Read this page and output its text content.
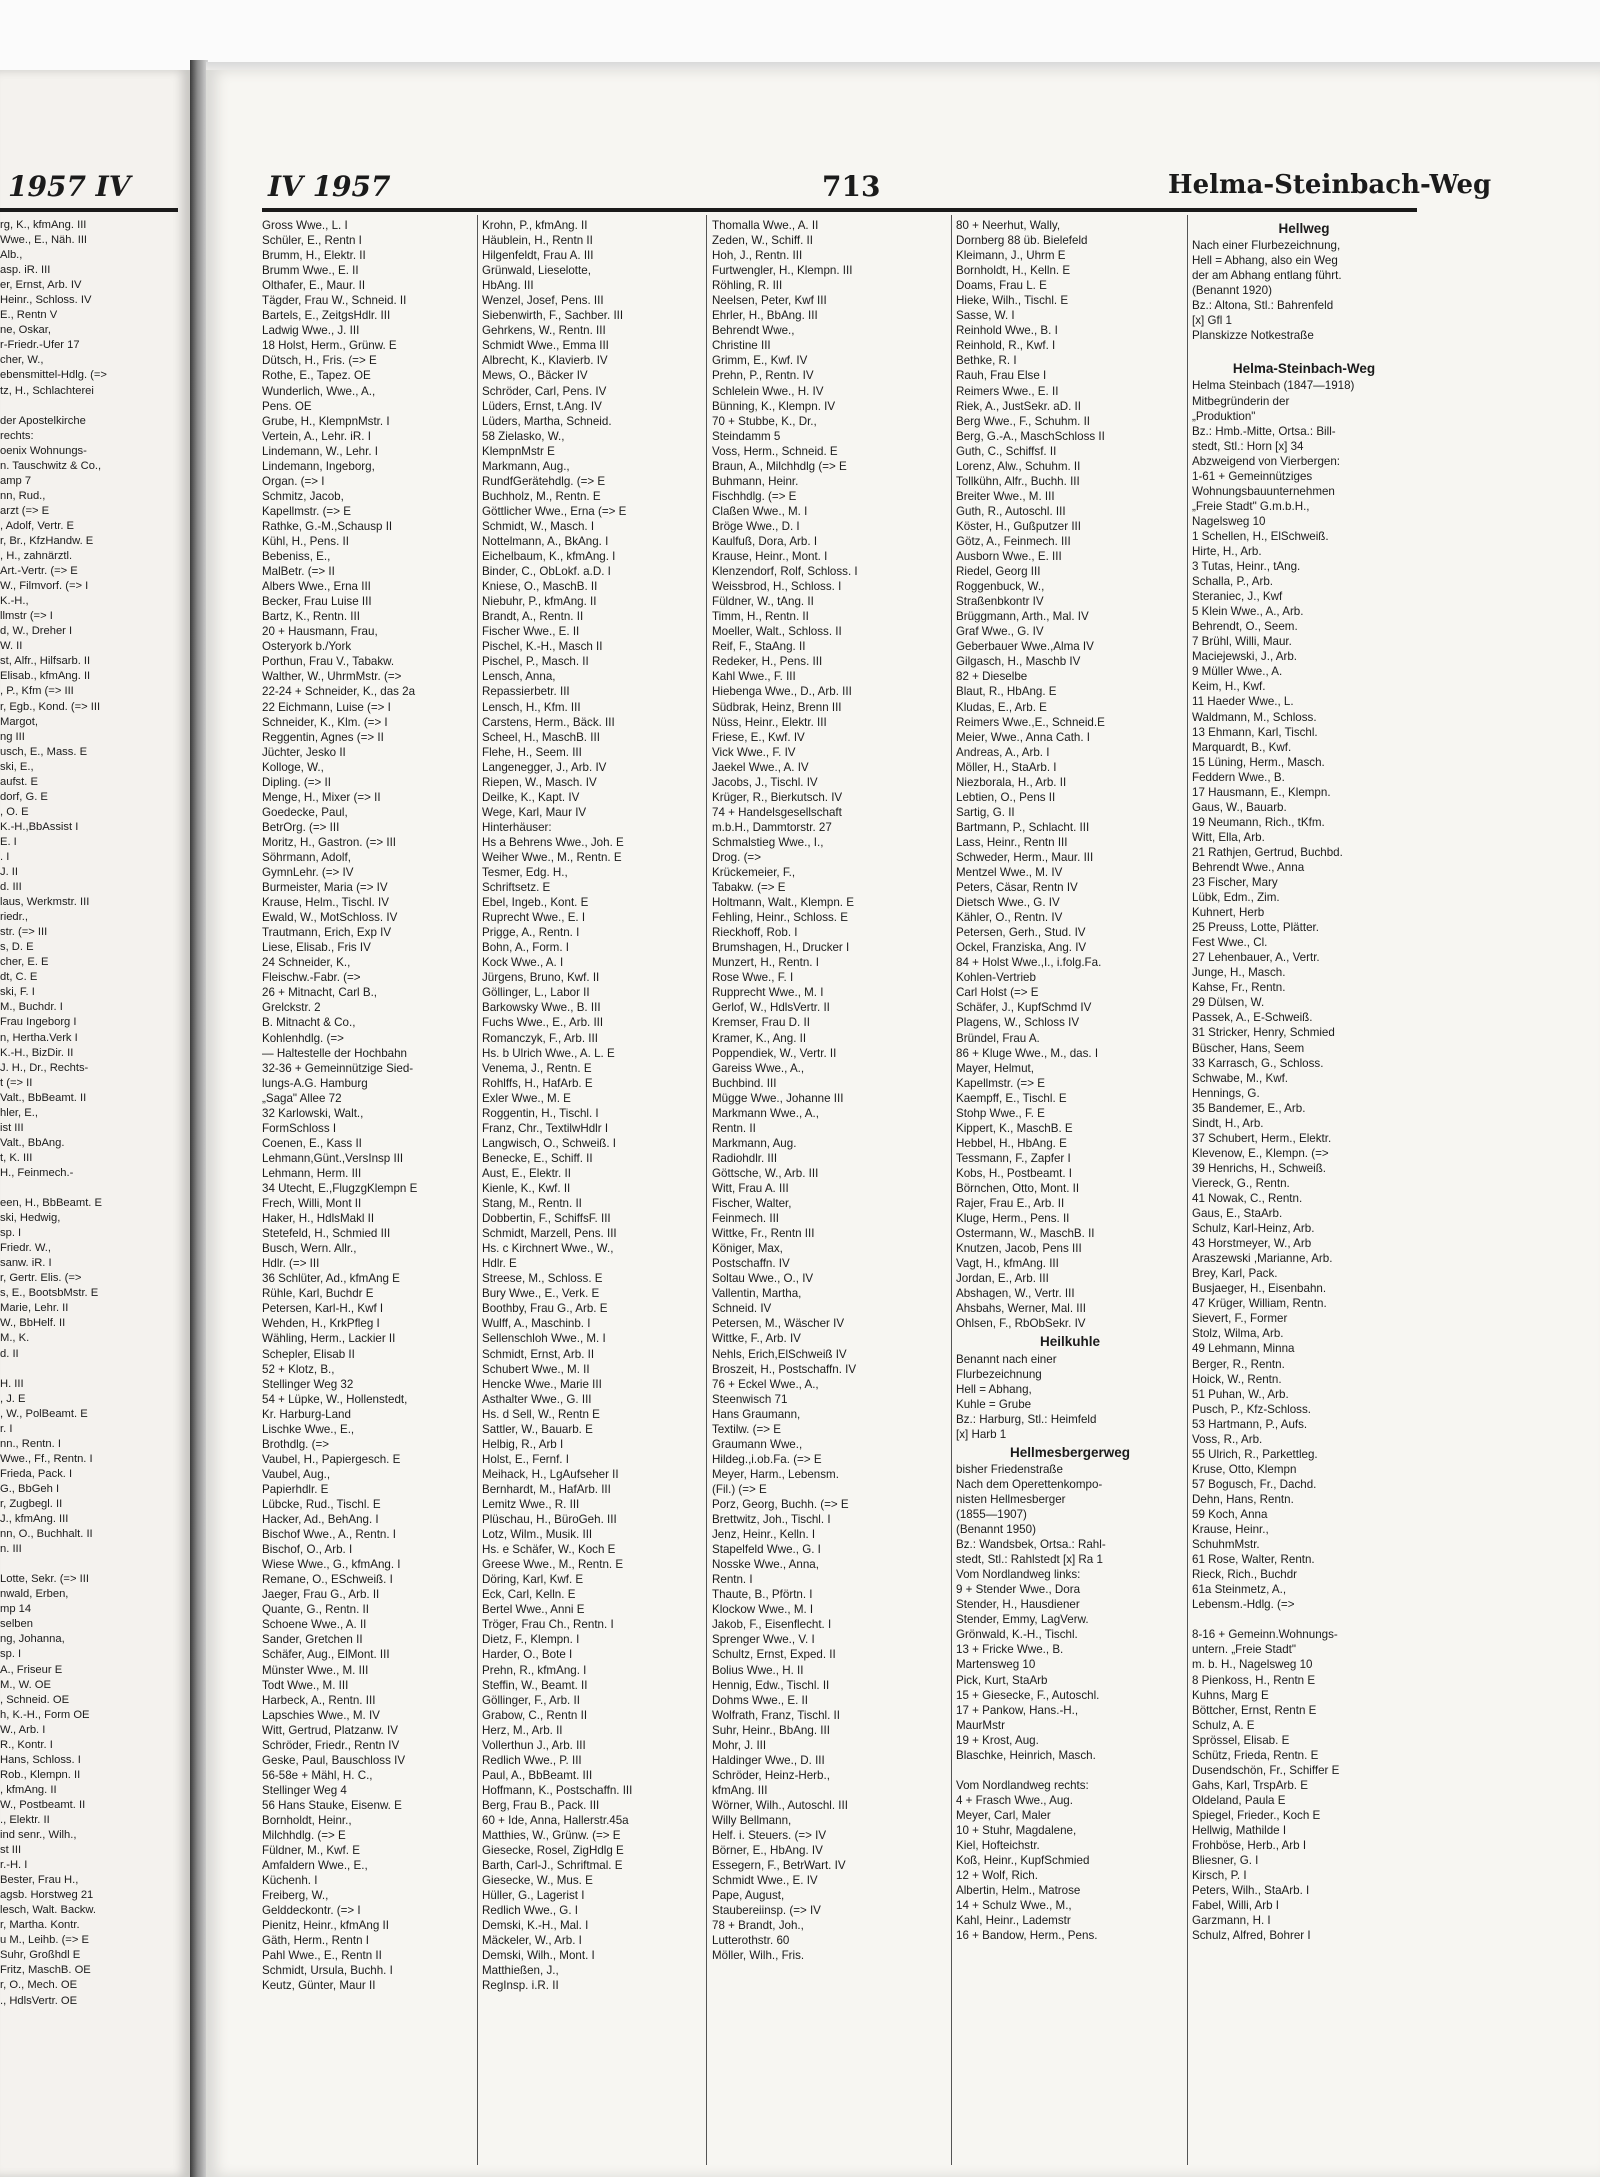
1957 IV	IV 1957	713	Helma-Steinbach-Weg
rg, K., kfmAng. III
Wwe., E., Näh. III
Alb.,
asp. iR. III
er, Ernst, Arb. IV
Heinr., Schloss. IV
E., Rentn V
ne, Oskar,
r-Friedr.-Ufer 17
cher, W.,
ebensmittel-Hdlg. (=>
tz, H., Schlachterei

der Apostelkirche
rechts:
oenix Wohnungs-
n. Tauschwitz & Co.,
amp 7
nn, Rud.,
arzt (=> E
, Adolf, Vertr. E
r, Br., KfzHandw. E
, H., zahnärztl.
Art.-Vertr. (=> E
W., Filmvorf. (=> I
K.-H.,
llmstr (=> I
d, W., Dreher I
W. II
st, Alfr., Hilfsarb. II
Elisab., kfmAng. II
, P., Kfm (=> III
r, Egb., Kond. (=> III
Margot,
ng III
usch, E., Mass. E
ski, E.,
aufst. E
dorf, G. E
, O. E
K.-H.,BbAssist I
E. I
. I
J. II
d. III
laus, Werkmstr. III
riedr.,
str. (=> III
s, D. E
cher, E. E
dt, C. E
ski, F. I
M., Buchdr. I
Frau Ingeborg I
n, Hertha.Verk I
K.-H., BizDir. II
J. H., Dr., Rechts-
t (=> II
Valt., BbBeamt. II
hler, E.,
ist III
Valt., BbAng.
t, K. III
H., Feinmech.-

een, H., BbBeamt. E
ski, Hedwig,
sp. I
Friedr. W.,
sanw. iR. I
r, Gertr. Elis. (=>
s, E., BootsbMstr. E
Marie, Lehr. II
W., BbHelf. II
M., K.
d. II

H. III
, J. E
, W., PolBeamt. E
r. I
nn., Rentn. I
Wwe., Ff., Rentn. I
Frieda, Pack. I
G., BbGeh I
r, Zugbegl. II
J., kfmAng. III
nn, O., Buchhalt. II
n. III

Lotte, Sekr. (=> III
nwald, Erben,
mp 14
selben
ng, Johanna,
sp. I
A., Friseur E
M., W. OE
, Schneid. OE
h, K.-H., Form OE
W., Arb. I
R., Kontr. I
Hans, Schloss. I
Rob., Klempn. II
, kfmAng. II
W., Postbeamt. II
., Elektr. II
ind senr., Wilh.,
st III
r.-H. I
Bester, Frau H.,
agsb. Horstweg 21
lesch, Walt. Backw.
r, Martha. Kontr.
u M., Leihb. (=> E
Suhr, Großhdl E
Fritz, MaschB. OE
r, O., Mech. OE
., HdlsVertr. OE
Gross Wwe., L. I
Schüler, E., Rentn I
Brumm, H., Elektr. II
Brumm Wwe., E. II
Olthafer, E., Maur. II
Tägder, Frau W., Schneid. II
Bartels, E., ZeitgsHdlr. III
Ladwig Wwe., J. III
18 Holst, Herm., Grünw. E
Dütsch, H., Fris. (=> E
Rothe, E., Tapez. OE
Wunderlich, Wwe., A.,
Pens. OE
Grube, H., KlempnMstr. I
Vertein, A., Lehr. iR. I
Lindemann, W., Lehr. I
Lindemann, Ingeborg,
Organ. (=> I
Schmitz, Jacob,
Kapellmstr. (=> E
Rathke, G.-M.,Schausp II
Kühl, H., Pens. II
Bebeniss, E.,
MalBetr. (=> II
Albers Wwe., Erna III
Becker, Frau Luise III
Bartz, K., Rentn. III
20 + Hausmann, Frau,
Osteryork b./York
Porthun, Frau V., Tabakw.
Walther, W., UhrmMstr. (=>
22-24 + Schneider, K., das 2a
22 Eichmann, Luise (=> I
Schneider, K., Klm. (=> I
Reggentin, Agnes (=> II
Jüchter, Jesko II
Kolloge, W.,
Dipling. (=> II
Menge, H., Mixer (=> II
Goedecke, Paul,
BetrOrg. (=> III
Moritz, H., Gastron. (=> III
Söhrmann, Adolf,
GymnLehr. (=> IV
Burmeister, Maria (=> IV
Krause, Helm., Tischl. IV
Ewald, W., MotSchloss. IV
Trautmann, Erich, Exp IV
Liese, Elisab., Fris IV
24 Schneider, K.,
Fleischw.-Fabr. (=>
26 + Mitnacht, Carl B.,
Grelckstr. 2
B. Mitnacht & Co.,
Kohlenhdlg. (=>
— Haltestelle der Hochbahn
32-36 + Gemeinnützige Sied-
lungs-A.G. Hamburg
„Saga" Allee 72
32 Karlowski, Walt.,
FormSchloss I
Coenen, E., Kass II
Lehmann,Günt.,VersInsp III
Lehmann, Herm. III
34 Utecht, E.,FlugzgKlempn E
Frech, Willi, Mont II
Haker, H., HdlsMakl II
Stetefeld, H., Schmied III
Busch, Wern. Allr.,
Hdlr. (=> III
36 Schlüter, Ad., kfmAng E
Rühle, Karl, Buchdr E
Petersen, Karl-H., Kwf I
Wehden, H., KrkPfleg I
Wähling, Herm., Lackier II
Schepler, Elisab II
52 + Klotz, B.,
Stellinger Weg 32
54 + Lüpke, W., Hollenstedt,
Kr. Harburg-Land
Lischke Wwe., E.,
Brothdlg. (=>
Vaubel, H., Papiergesch. E
Vaubel, Aug.,
Papierhdlr. E
Lübcke, Rud., Tischl. E
Hacker, Ad., BehAng. I
Bischof Wwe., A., Rentn. I
Bischof, O., Arb. I
Wiese Wwe., G., kfmAng. I
Remane, O., ESchweiß. I
Jaeger, Frau G., Arb. II
Quante, G., Rentn. II
Schoene Wwe., A. II
Sander, Gretchen II
Schäfer, Aug., ElMont. III
Münster Wwe., M. III
Todt Wwe., M. III
Harbeck, A., Rentn. III
Lapschies Wwe., M. IV
Witt, Gertrud, Platzanw. IV
Schröder, Friedr., Rentn IV
Geske, Paul, Bauschloss IV
56-58e + Mähl, H. C.,
Stellinger Weg 4
56 Hans Stauke, Eisenw. E
Bornholdt, Heinr.,
Milchhdlg. (=> E
Füldner, M., Kwf. E
Amfaldern Wwe., E.,
Küchenh. I
Freiberg, W.,
Gelddeckontr. (=> I
Pienitz, Heinr., kfmAng II
Gäth, Herm., Rentn I
Pahl Wwe., E., Rentn II
Schmidt, Ursula, Buchh. I
Keutz, Günter, Maur II
Krohn, P., kfmAng. II
Häublein, H., Rentn II
Hilgenfeldt, Frau A. III
Grünwald, Lieselotte,
HbAng. III
Wenzel, Josef, Pens. III
Siebenwirth, F., Sachber. III
Gehrkens, W., Rentn. III
Schmidt Wwe., Emma III
Albrecht, K., Klavierb. IV
Mews, O., Bäcker IV
Schröder, Carl, Pens. IV
Lüders, Ernst, t.Ang. IV
Lüders, Martha, Schneid.
58 Zielasko, W.,
KlempnMstr E
Markmann, Aug.,
RundfGerätehdlg. (=> E
Buchholz, M., Rentn. E
Göttlicher Wwe., Erna (=> E
Schmidt, W., Masch. I
Nottelmann, A., BkAng. I
Eichelbaum, K., kfmAng. I
Binder, C., ObLokf. a.D. I
Kniese, O., MaschB. II
Niebuhr, P., kfmAng. II
Brandt, A., Rentn. II
Fischer Wwe., E. II
Pischel, K.-H., Masch II
Pischel, P., Masch. II
Lensch, Anna,
Repassierbetr. III
Lensch, H., Kfm. III
Carstens, Herm., Bäck. III
Scheel, H., MaschB. III
Flehe, H., Seem. III
Langenegger, J., Arb. IV
Riepen, W., Masch. IV
Deilke, K., Kapt. IV
Wege, Karl, Maur IV
Hinterhäuser:
Hs a Behrens Wwe., Joh. E
Weiher Wwe., M., Rentn. E
Tesmer, Edg. H.,
Schriftsetz. E
Ebel, Ingeb., Kont. E
Ruprecht Wwe., E. I
Prigge, A., Rentn. I
Bohn, A., Form. I
Kock Wwe., A. I
Jürgens, Bruno, Kwf. II
Göllinger, L., Labor II
Barkowsky Wwe., B. III
Fuchs Wwe., E., Arb. III
Romanczyk, F., Arb. III
Hs. b Ulrich Wwe., A. L. E
Venema, J., Rentn. E
Rohlffs, H., HafArb. E
Exler Wwe., M. E
Roggentin, H., Tischl. I
Franz, Chr., TextilwHdlr I
Langwisch, O., Schweiß. I
Benecke, E., Schiff. II
Aust, E., Elektr. II
Kienle, K., Kwf. II
Stang, M., Rentn. II
Dobbertin, F., SchiffsF. III
Schmidt, Marzell, Pens. III
Hs. c Kirchnert Wwe., W.,
Hdlr. E
Streese, M., Schloss. E
Bury Wwe., E., Verk. E
Boothby, Frau G., Arb. E
Wulff, A., Maschinb. I
Sellenschloh Wwe., M. I
Schmidt, Ernst, Arb. II
Schubert Wwe., M. II
Hencke Wwe., Marie III
Asthalter Wwe., G. III
Hs. d Sell, W., Rentn E
Sattler, W., Bauarb. E
Helbig, R., Arb I
Holst, E., Fernf. I
Meihack, H., LgAufseher II
Bernhardt, M., HafArb. III
Lemitz Wwe., R. III
Plüschau, H., BüroGeh. III
Lotz, Wilm., Musik. III
Hs. e Schäfer, W., Koch E
Greese Wwe., M., Rentn. E
Döring, Karl, Kwf. E
Eck, Carl, Kelln. E
Bertel Wwe., Anni E
Tröger, Frau Ch., Rentn. I
Dietz, F., Klempn. I
Harder, O., Bote I
Prehn, R., kfmAng. I
Steffin, W., Beamt. II
Göllinger, F., Arb. II
Grabow, C., Rentn II
Herz, M., Arb. II
Vollerthun J., Arb. III
Redlich Wwe., P. III
Paul, A., BbBeamt. III
Hoffmann, K., Postschaffn. III
Berg, Frau B., Pack. III
60 + Ide, Anna, Hallerstr.45a
Matthies, W., Grünw. (=> E
Giesecke, Rosel, ZigHdlg E
Barth, Carl-J., Schriftmal. E
Giesecke, W., Mus. E
Hüller, G., Lagerist I
Redlich Wwe., G. I
Demski, K.-H., Mal. I
Mäckeler, W., Arb. I
Demski, Wilh., Mont. I
Matthießen, J.,
RegInsp. i.R. II
Thomalla Wwe., A. II
Zeden, W., Schiff. II
Hoh, J., Rentn. III
Furtwengler, H., Klempn. III
Röhling, R. III
Neelsen, Peter, Kwf III
Ehrler, H., BbAng. III
Behrendt Wwe.,
Christine III
Grimm, E., Kwf. IV
Prehn, P., Rentn. IV
Schlelein Wwe., H. IV
Bünning, K., Klempn. IV
70 + Stubbe, K., Dr.,
Steindamm 5
Voss, Herm., Schneid. E
Braun, A., Milchhdlg (=> E
Buhmann, Heinr.
Fischhdlg. (=> E
Claßen Wwe., M. I
Bröge Wwe., D. I
Kaulfuß, Dora, Arb. I
Krause, Heinr., Mont. I
Klenzendorf, Rolf, Schloss. I
Weissbrod, H., Schloss. I
Füldner, W., tAng. II
Timm, H., Rentn. II
Moeller, Walt., Schloss. II
Reif, F., StaAng. II
Redeker, H., Pens. III
Kahl Wwe., F. III
Hiebenga Wwe., D., Arb. III
Südbrak, Heinz, Brenn III
Nüss, Heinr., Elektr. III
Friese, E., Kwf. IV
Vick Wwe., F. IV
Jaekel Wwe., A. IV
Jacobs, J., Tischl. IV
Krüger, R., Bierkutsch. IV
74 + Handelsgesellschaft
m.b.H., Dammtorstr. 27
Schmalstieg Wwe., I.,
Drog. (=>
Krückemeier, F.,
Tabakw. (=> E
Holtmann, Walt., Klempn. E
Fehling, Heinr., Schloss. E
Rieckhoff, Rob. I
Brumshagen, H., Drucker I
Munzert, H., Rentn. I
Rose Wwe., F. I
Rupprecht Wwe., M. I
Gerlof, W., HdlsVertr. II
Kremser, Frau D. II
Kramer, K., Ang. II
Poppendiek, W., Vertr. II
Gareiss Wwe., A.,
Buchbind. III
Mügge Wwe., Johanne III
Markmann Wwe., A.,
Rentn. II
Markmann, Aug.
Radiohdlr. III
Göttsche, W., Arb. III
Witt, Frau A. III
Fischer, Walter,
Feinmech. III
Wittke, Fr., Rentn III
Königer, Max,
Postschaffn. IV
Soltau Wwe., O., IV
Vallentin, Martha,
Schneid. IV
Petersen, M., Wäscher IV
Wittke, F., Arb. IV
Nehls, Erich,ElSchweiß IV
Broszeit, H., Postschaffn. IV
76 + Eckel Wwe., A.,
Steenwisch 71
Hans Graumann,
Textilw. (=> E
Graumann Wwe.,
Hildeg.,i.ob.Fa. (=> E
Meyer, Harm., Lebensm.
(Fil.) (=> E
Porz, Georg, Buchh. (=> E
Brettwitz, Joh., Tischl. I
Jenz, Heinr., Kelln. I
Stapelfeld Wwe., G. I
Nosske Wwe., Anna,
Rentn. I
Thaute, B., Pförtn. I
Klockow Wwe., M. I
Jakob, F., Eisenflecht. I
Sprenger Wwe., V. I
Schultz, Ernst, Exped. II
Bolius Wwe., H. II
Hennig, Edw., Tischl. II
Dohms Wwe., E. II
Wolfrath, Franz, Tischl. II
Suhr, Heinr., BbAng. III
Mohr, J. III
Haldinger Wwe., D. III
Schröder, Heinz-Herb.,
kfmAng. III
Wörner, Wilh., Autoschl. III
Willy Bellmann,
Helf. i. Steuers. (=> IV
Börner, E., HbAng. IV
Essegern, F., BetrWart. IV
Schmidt Wwe., E. IV
Pape, August,
Staubereiinsp. (=> IV
78 + Brandt, Joh.,
Lutterothstr. 60
Möller, Wilh., Fris.
80 + Neerhut, Wally,
Dornberg 88 üb. Bielefeld
Kleimann, J., Uhrm E
Bornholdt, H., Kelln. E
Doams, Frau L. E
Hieke, Wilh., Tischl. E
Sasse, W. I
Reinhold Wwe., B. I
Reinhold, R., Kwf. I
Bethke, R. I
Rauh, Frau Else I
Reimers Wwe., E. II
Riek, A., JustSekr. aD. II
Berg Wwe., F., Schuhm. II
Berg, G.-A., MaschSchloss II
Guth, C., Schiffsf. II
Lorenz, Alw., Schuhm. II
Tollkühn, Alfr., Buchh. III
Breiter Wwe., M. III
Guth, R., Autoschl. III
Köster, H., Gußputzer III
Götz, A., Feinmech. III
Ausborn Wwe., E. III
Riedel, Georg III
Roggenbuck, W.,
Straßenbkontr IV
Brüggmann, Arth., Mal. IV
Graf Wwe., G. IV
Geberbauer Wwe.,Alma IV
Gilgasch, H., Maschb IV
82 + Dieselbe
Blaut, R., HbAng. E
Kludas, E., Arb. E
Reimers Wwe.,E., Schneid.E
Meier, Wwe., Anna Cath. I
Andreas, A., Arb. I
Möller, H., StaArb. I
Niezborala, H., Arb. II
Lebtien, O., Pens II
Sartig, G. II
Bartmann, P., Schlacht. III
Lass, Heinr., Rentn III
Schweder, Herm., Maur. III
Mentzel Wwe., M. IV
Peters, Cäsar, Rentn IV
Dietsch Wwe., G. IV
Kähler, O., Rentn. IV
Petersen, Gerh., Stud. IV
Ockel, Franziska, Ang. IV
84 + Holst Wwe.,I., i.folg.Fa.
Kohlen-Vertrieb
Carl Holst (=> E
Schäfer, J., KupfSchmd IV
Plagens, W., Schloss IV
Bründel, Frau A.
86 + Kluge Wwe., M., das. I
Mayer, Helmut,
Kapellmstr. (=> E
Kaempff, E., Tischl. E
Stohp Wwe., F. E
Kippert, K., MaschB. E
Hebbel, H., HbAng. E
Tessmann, F., Zapfer I
Kobs, H., Postbeamt. I
Börnchen, Otto, Mont. II
Rajer, Frau E., Arb. II
Kluge, Herm., Pens. II
Ostermann, W., MaschB. II
Knutzen, Jacob, Pens III
Vagt, H., kfmAng. III
Jordan, E., Arb. III
Abshagen, W., Vertr. III
Ahsbahs, Werner, Mal. III
Ohlsen, F., RbObSekr. IV
Heilkuhle
Benannt nach einer
Flurbezeichnung
Hell = Abhang,
Kuhle = Grube
Bz.: Harburg, Stl.: Heimfeld
[x] Harb 1
Hellmesbergerweg
bisher Friedenstraße
Nach dem Operettenkompo-
nisten Hellmesberger
(1855—1907)
(Benannt 1950)
Bz.: Wandsbek, Ortsa.: Rahl-
stedt, Stl.: Rahlstedt [x] Ra 1
Vom Nordlandweg links:
9 + Stender Wwe., Dora
Stender, H., Hausdiener
Stender, Emmy, LagVerw.
Grönwald, K.-H., Tischl.
13 + Fricke Wwe., B.
Martensweg 10
Pick, Kurt, StaArb
15 + Giesecke, F., Autoschl.
17 + Pankow, Hans.-H.,
MaurMstr
19 + Krost, Aug.
Blaschke, Heinrich, Masch.

Vom Nordlandweg rechts:
4 + Frasch Wwe., Aug.
Meyer, Carl, Maler
10 + Stuhr, Magdalene,
Kiel, Hofteichstr.
Koß, Heinr., KupfSchmied
12 + Wolf, Rich.
Albertin, Helm., Matrose
14 + Schulz Wwe., M.,
Kahl, Heinr., Lademstr
16 + Bandow, Herm., Pens.
Hellweg
Nach einer Flurbezeichnung,
Hell = Abhang, also ein Weg
der am Abhang entlang führt.
(Benannt 1920)
Bz.: Altona, Stl.: Bahrenfeld
[x] Gfl 1
Planskizze Notkestraße

Helma-Steinbach-Weg
Helma Steinbach (1847—1918)
Mitbegründerin der
„Produktion"
Bz.: Hmb.-Mitte, Ortsa.: Bill-
stedt, Stl.: Horn [x] 34
Abzweigend von Vierbergen:
1-61 + Gemeinnütziges
Wohnungsbauunternehmen
„Freie Stadt" G.m.b.H.,
Nagelsweg 10
1 Schellen, H., ElSchweiß.
Hirte, H., Arb.
3 Tutas, Heinr., tAng.
Schalla, P., Arb.
Steraniec, J., Kwf
5 Klein Wwe., A., Arb.
Behrendt, O., Seem.
7 Brühl, Willi, Maur.
Maciejewski, J., Arb.
9 Müller Wwe., A.
Keim, H., Kwf.
11 Haeder Wwe., L.
Waldmann, M., Schloss.
13 Ehmann, Karl, Tischl.
Marquardt, B., Kwf.
15 Lüning, Herm., Masch.
Feddern Wwe., B.
17 Hausmann, E., Klempn.
Gaus, W., Bauarb.
19 Neumann, Rich., tKfm.
Witt, Ella, Arb.
21 Rathjen, Gertrud, Buchbd.
Behrendt Wwe., Anna
23 Fischer, Mary
Lübk, Edm., Zim.
Kuhnert, Herb
25 Preuss, Lotte, Plätter.
Fest Wwe., Cl.
27 Lehenbauer, A., Vertr.
Junge, H., Masch.
Kahse, Fr., Rentn.
29 Dülsen, W.
Passek, A., E-Schweiß.
31 Stricker, Henry, Schmied
Büscher, Hans, Seem
33 Karrasch, G., Schloss.
Schwabe, M., Kwf.
Hennings, G.
35 Bandemer, E., Arb.
Sindt, H., Arb.
37 Schubert, Herm., Elektr.
Klevenow, E., Klempn. (=>
39 Henrichs, H., Schweiß.
Viereck, G., Rentn.
41 Nowak, C., Rentn.
Gaus, E., StaArb.
Schulz, Karl-Heinz, Arb.
43 Horstmeyer, W., Arb
Araszewski ,Marianne, Arb.
Brey, Karl, Pack.
Busjaeger, H., Eisenbahn.
47 Krüger, William, Rentn.
Sievert, F., Former
Stolz, Wilma, Arb.
49 Lehmann, Minna
Berger, R., Rentn.
Hoick, W., Rentn.
51 Puhan, W., Arb.
Pusch, P., Kfz-Schloss.
53 Hartmann, P., Aufs.
Voss, R., Arb.
55 Ulrich, R., Parkettleg.
Kruse, Otto, Klempn
57 Bogusch, Fr., Dachd.
Dehn, Hans, Rentn.
59 Koch, Anna
Krause, Heinr.,
SchuhmMstr.
61 Rose, Walter, Rentn.
Rieck, Rich., Buchdr
61a Steinmetz, A.,
Lebensm.-Hdlg. (=>

8-16 + Gemeinn.Wohnungs-
untern. „Freie Stadt"
m. b. H., Nagelsweg 10
8 Pienkoss, H., Rentn E
Kuhns, Marg E
Böttcher, Ernst, Rentn E
Schulz, A. E
Sprössel, Elisab. E
Schütz, Frieda, Rentn. E
Dusendschön, Fr., Schiffer E
Gahs, Karl, TrspArb. E
Oldeland, Paula E
Spiegel, Frieder., Koch E
Hellwig, Mathilde I
Frohböse, Herb., Arb I
Bliesner, G. I
Kirsch, P. I
Peters, Wilh., StaArb. I
Fabel, Willi, Arb I
Garzmann, H. I
Schulz, Alfred, Bohrer I
